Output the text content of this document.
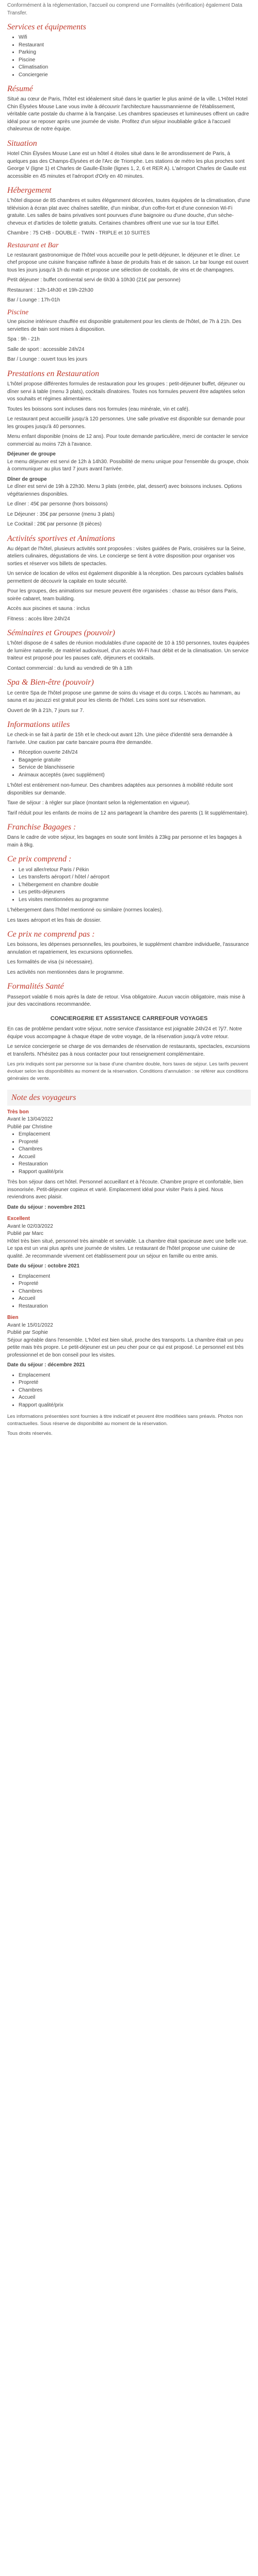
Conformément à la réglementation, l'accueil ou comprend une Formalités (vérification) également Data Transfer.

Services et équipements
• Wifi
• Restaurant
• Parking
• Piscine
• Climatisation
• Conciergerie
Résumé

Situé au cœur de Paris, l'hôtel est idéalement situé dans le quartier le plus animé de la ville. L'Hôtel Hotel Chin Élysées Mouse Lane vous invite à découvrir l'architecture haussmannienne de l'établissement, véritable carte postale du charme à la française. Les chambres spacieuses et lumineuses offrent un cadre idéal pour se reposer après une journée de visite. Profitez d'un séjour inoubliable grâce à l'accueil chaleureux de notre équipe.

Situation

Hotel Chin Élysées Mouse Lane est un hôtel 4 étoiles situé dans le 8e arrondissement de Paris, à quelques pas des Champs-Élysées et de l'Arc de Triomphe. Les stations de métro les plus proches sont George V (ligne 1) et Charles de Gaulle-Étoile (lignes 1, 2, 6 et RER A). L'aéroport Charles de Gaulle est accessible en 45 minutes et l'aéroport d'Orly en 40 minutes.

Hébergement

L'hôtel dispose de 85 chambres et suites élégamment décorées, toutes équipées de la climatisation, d'une télévision à écran plat avec chaînes satellite, d'un minibar, d'un coffre-fort et d'une connexion Wi-Fi gratuite. Les salles de bains privatives sont pourvues d'une baignoire ou d'une douche, d'un sèche-cheveux et d'articles de toilette gratuits. Certaines chambres offrent une vue sur la tour Eiffel.

Chambre : 75 CHB - DOUBLE - TWIN - TRIPLE et 10 SUITES

Restaurant et Bar

Le restaurant gastronomique de l'hôtel vous accueille pour le petit-déjeuner, le déjeuner et le dîner. Le chef propose une cuisine française raffinée à base de produits frais et de saison. Le bar lounge est ouvert tous les jours jusqu'à 1h du matin et propose une sélection de cocktails, de vins et de champagnes.

Petit déjeuner : buffet continental servi de 6h30 à 10h30 (21€ par personne)

Restaurant : 12h-14h30 et 19h-22h30

Bar / Lounge : 17h-01h

Piscine

Une piscine intérieure chauffée est disponible gratuitement pour les clients de l'hôtel, de 7h à 21h. Des serviettes de bain sont mises à disposition.

Spa : 9h - 21h

Salle de sport : accessible 24h/24

Bar / Lounge : ouvert tous les jours

Prestations en Restauration

L'hôtel propose différentes formules de restauration pour les groupes : petit-déjeuner buffet, déjeuner ou dîner servi à table (menu 3 plats), cocktails dînatoires. Toutes nos formules peuvent être adaptées selon vos souhaits et régimes alimentaires.

Toutes les boissons sont incluses dans nos formules (eau minérale, vin et café).

Le restaurant peut accueillir jusqu'à 120 personnes. Une salle privative est disponible sur demande pour les groupes jusqu'à 40 personnes.

Menu enfant disponible (moins de 12 ans). Pour toute demande particulière, merci de contacter le service commercial au moins 72h à l'avance.

Déjeuner de groupe
Le menu déjeuner est servi de 12h à 14h30. Possibilité de menu unique pour l'ensemble du groupe, choix à communiquer au plus tard 7 jours avant l'arrivée.

Dîner de groupe
Le dîner est servi de 19h à 22h30. Menu 3 plats (entrée, plat, dessert) avec boissons incluses. Options végétariennes disponibles.

Le dîner : 45€ par personne (hors boissons)

Le Déjeuner : 35€ par personne (menu 3 plats)

Le Cocktail : 28€ par personne (8 pièces)

Activités sportives et Animations

Au départ de l'hôtel, plusieurs activités sont proposées : visites guidées de Paris, croisières sur la Seine, ateliers culinaires, dégustations de vins. Le concierge se tient à votre disposition pour organiser vos sorties et réserver vos billets de spectacles.

Un service de location de vélos est également disponible à la réception. Des parcours cyclables balisés permettent de découvrir la capitale en toute sécurité.

Pour les groupes, des animations sur mesure peuvent être organisées : chasse au trésor dans Paris, soirée cabaret, team building.

Accès aux piscines et sauna : inclus

Fitness : accès libre 24h/24

Séminaires et Groupes (pouvoir)

L'hôtel dispose de 4 salles de réunion modulables d'une capacité de 10 à 150 personnes, toutes équipées de lumière naturelle, de matériel audiovisuel, d'un accès Wi-Fi haut débit et de la climatisation. Un service traiteur est proposé pour les pauses café, déjeuners et cocktails.

Contact commercial : du lundi au vendredi de 9h à 18h

Spa & Bien-être (pouvoir)

Le centre Spa de l'hôtel propose une gamme de soins du visage et du corps. L'accès au hammam, au sauna et au jacuzzi est gratuit pour les clients de l'hôtel. Les soins sont sur réservation.

Ouvert de 9h à 21h, 7 jours sur 7.

Informations utiles

Le check-in se fait à partir de 15h et le check-out avant 12h. Une pièce d'identité sera demandée à l'arrivée. Une caution par carte bancaire pourra être demandée.

• Réception ouverte 24h/24
• Bagagerie gratuite
• Service de blanchisserie
• Animaux acceptés (avec supplément)

L'hôtel est entièrement non-fumeur. Des chambres adaptées aux personnes à mobilité réduite sont disponibles sur demande.

Taxe de séjour : à régler sur place (montant selon la réglementation en vigueur).

Tarif réduit pour les enfants de moins de 12 ans partageant la chambre des parents (1 lit supplémentaire).

Franchise Bagages :

Dans le cadre de votre séjour, les bagages en soute sont limités à 23kg par personne et les bagages à main à 8kg.

Ce prix comprend :
• Le vol aller/retour Paris / Pékin
• Les transferts aéroport / hôtel / aéroport
• L'hébergement en chambre double
• Les petits-déjeuners
• Les visites mentionnées au programme

L'hébergement dans l'hôtel mentionné ou similaire (normes locales).

Les taxes aéroport et les frais de dossier.

Ce prix ne comprend pas :

Les boissons, les dépenses personnelles, les pourboires, le supplément chambre individuelle, l'assurance annulation et rapatriement, les excursions optionnelles.

Les formalités de visa (si nécessaire).

Les activités non mentionnées dans le programme.

Formalités Santé

Passeport valable 6 mois après la date de retour. Visa obligatoire. Aucun vaccin obligatoire, mais mise à jour des vaccinations recommandée.

CONCIERGERIE ET ASSISTANCE CARREFOUR VOYAGES

En cas de problème pendant votre séjour, notre service d'assistance est joignable 24h/24 et 7j/7. Notre équipe vous accompagne à chaque étape de votre voyage, de la réservation jusqu'à votre retour.

Le service conciergerie se charge de vos demandes de réservation de restaurants, spectacles, excursions et transferts. N'hésitez pas à nous contacter pour tout renseignement complémentaire.

Les prix indiqués sont par personne sur la base d'une chambre double, hors taxes de séjour. Les tarifs peuvent évoluer selon les disponibilités au moment de la réservation. Conditions d'annulation : se référer aux conditions générales de vente.

Note des voyageurs
Très bon
Avant le 13/04/2022
Publié par Christine
• Emplacement
• Propreté
• Chambres
• Accueil
• Restauration
• Rapport qualité/prix

Très bon séjour dans cet hôtel. Personnel accueillant et à l'écoute. Chambre propre et confortable, bien insonorisée. Petit-déjeuner copieux et varié. Emplacement idéal pour visiter Paris à pied. Nous reviendrons avec plaisir.

Date du séjour : novembre 2021

Excellent
Avant le 02/03/2022
Publié par Marc

Hôtel très bien situé, personnel très aimable et serviable. La chambre était spacieuse avec une belle vue. Le spa est un vrai plus après une journée de visites. Le restaurant de l'hôtel propose une cuisine de qualité. Je recommande vivement cet établissement pour un séjour en famille ou entre amis.

Date du séjour : octobre 2021

• Emplacement
• Propreté
• Chambres
• Accueil
• Restauration
Bien
Avant le 15/01/2022
Publié par Sophie

Séjour agréable dans l'ensemble. L'hôtel est bien situé, proche des transports. La chambre était un peu petite mais très propre. Le petit-déjeuner est un peu cher pour ce qui est proposé. Le personnel est très professionnel et de bon conseil pour les visites.

Date du séjour : décembre 2021

• Emplacement
• Propreté
• Chambres
• Accueil
• Rapport qualité/prix

Les informations présentées sont fournies à titre indicatif et peuvent être modifiées sans préavis. Photos non contractuelles. Sous réserve de disponibilité au moment de la réservation.

Tous droits réservés.
